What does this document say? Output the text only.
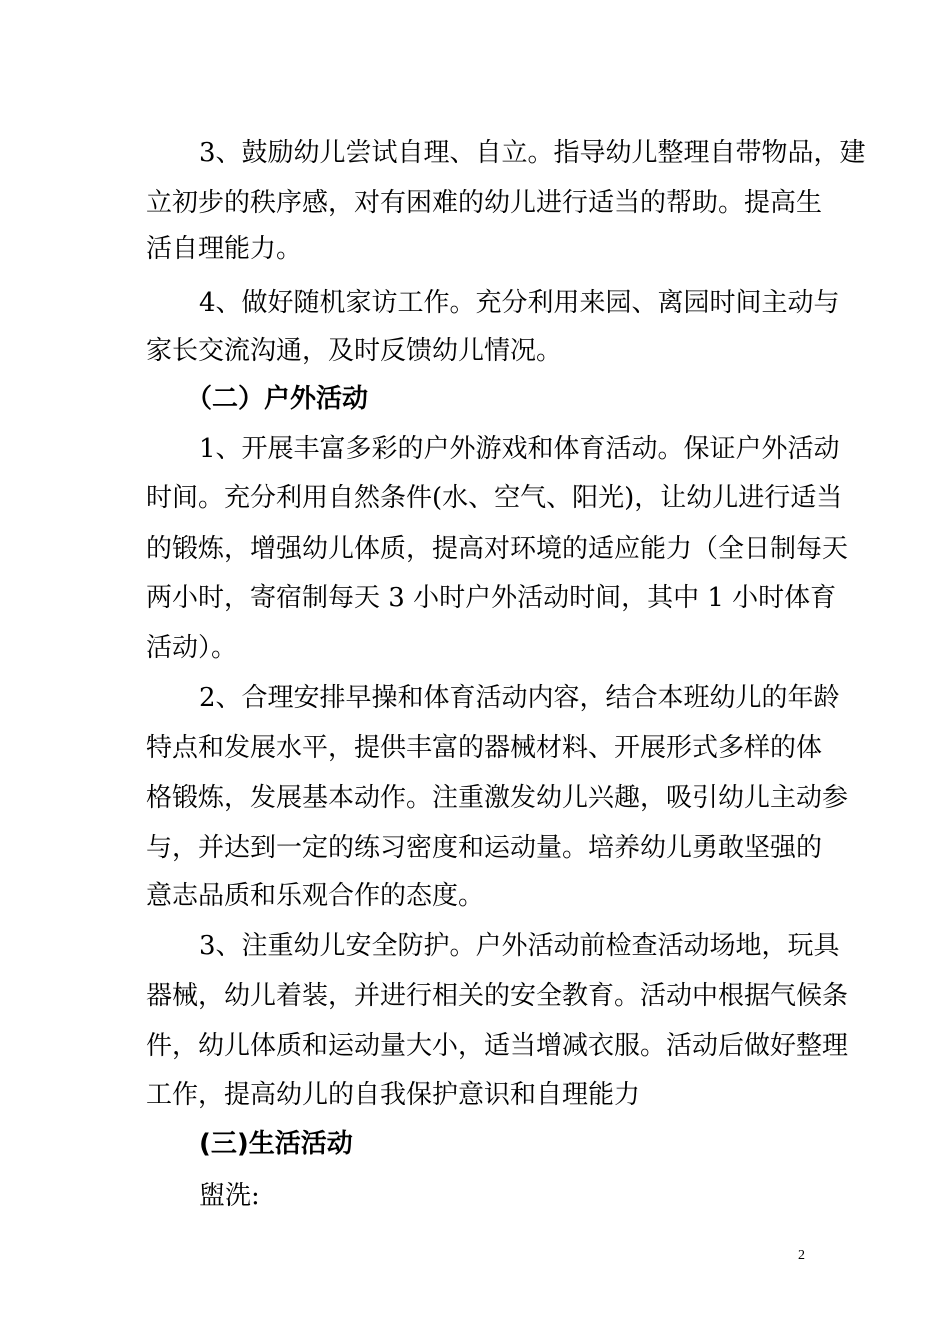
3、鼓励幼儿尝试自理、自立。指导幼儿整理自带物品，建
立初步的秩序感，对有困难的幼儿进行适当的帮助。提高生
活自理能力。
4、做好随机家访工作。充分利用来园、离园时间主动与
家长交流沟通，及时反馈幼儿情况。
（二）户外活动
1、开展丰富多彩的户外游戏和体育活动。保证户外活动
时间。充分利用自然条件(水、空气、阳光)，让幼儿进行适当
的锻炼，增强幼儿体质，提高对环境的适应能力（全日制每天
两小时，寄宿制每天 3 小时户外活动时间，其中 1 小时体育
活动）。
2、合理安排早操和体育活动内容，结合本班幼儿的年龄
特点和发展水平，提供丰富的器械材料、开展形式多样的体
格锻炼，发展基本动作。注重激发幼儿兴趣，吸引幼儿主动参
与，并达到一定的练习密度和运动量。培养幼儿勇敢坚强的
意志品质和乐观合作的态度。
3、注重幼儿安全防护。户外活动前检查活动场地，玩具
器械，幼儿着装，并进行相关的安全教育。活动中根据气候条
件，幼儿体质和运动量大小，适当增减衣服。活动后做好整理
工作，提高幼儿的自我保护意识和自理能力
(三)生活活动
盥洗:
2
